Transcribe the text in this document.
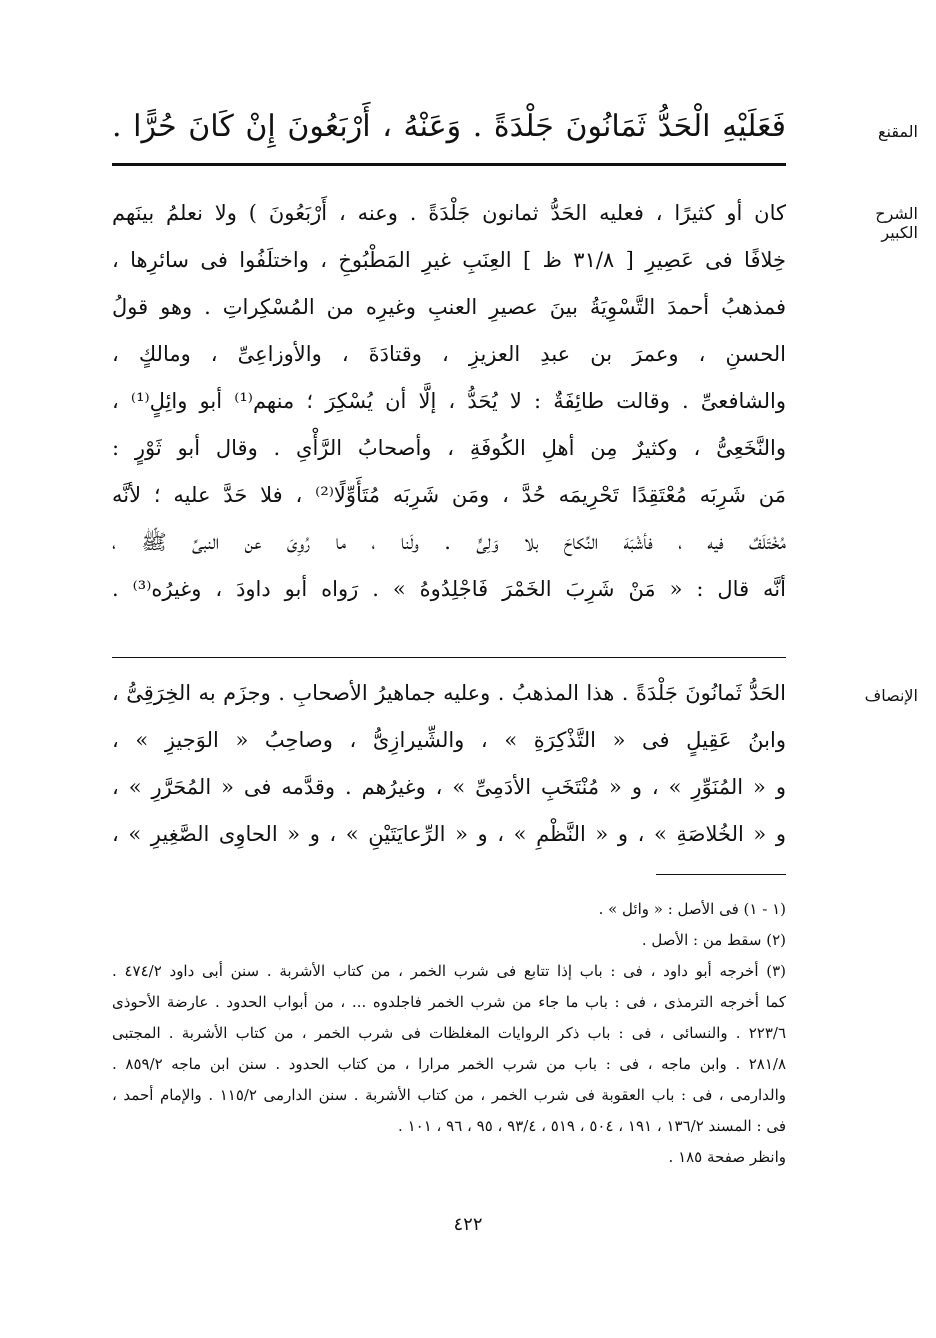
المقنع
فَعَلَيْهِ الْحَدُّ ثَمَانُونَ جَلْدَةً . وَعَنْهُ ، أَرْبَعُونَ إِنْ كَانَ حُرًّا .
الشرح الكبير
كان أو كثيرًا ، فعليه الحَدُّ ثمانون جَلْدَةً . وعنه ، أَرْبَعُونَ ) ولا نعلمُ بينَهم
خِلافًا فى عَصِيرِ [ ٣١/٨ ظ ] العِنَبِ غيرِ المَطْبُوخِ ، واختلَفُوا فى سائرِها ،
فمذهبُ أحمدَ التَّسْوِيَةُ بينَ عصيرِ العنبِ وغيرِه من المُسْكِراتِ . وهو قولُ
الحسنِ ، وعمرَ بن عبدِ العزيزِ ، وقتادَةَ ، والأوزاعِىِّ ، ومالكٍ ،
والشافعىِّ . وقالت طائِفَةٌ : لا يُحَدُّ ، إلَّا أن يُسْكِرَ ؛ منهم⁽¹⁾ أبو وائِلٍ⁽¹⁾ ،
والنَّخَعِىُّ ، وكثيرٌ مِن أهلِ الكُوفَةِ ، وأصحابُ الرَّأْىِ . وقال أبو ثَوْرٍ :
مَن شَرِبَه مُعْتَقِدًا تَحْرِيمَه حُدَّ ، ومَن شَرِبَه مُتَأَوِّلًا⁽²⁾ ، فلا حَدَّ عليه ؛ لأنَّه
مُخْتَلَفٌ فيه ، فأشْبَهَ النِّكاحَ بلا وَلِىٍّ . ولَنا ، ما رُوِىَ عن النبىِّ ﷺ ،
أنَّه قال : « مَنْ شَرِبَ الخَمْرَ فَاجْلِدُوهُ » . رَواه أبو داودَ ، وغيرُه⁽³⁾ .
الإنصاف
الحَدُّ ثَمانُونَ جَلْدَةً . هذا المذهبُ . وعليه جماهيرُ الأصحابِ . وجزَم به الخِرَقِىُّ ،
وابنُ عَقِيلٍ فى « التَّذْكِرَةِ » ، والشِّيرازِىُّ ، وصاحِبُ « الوَجيزِ » ،
و « المُنَوِّرِ » ، و « مُنْتَخَبِ الأدَمِىِّ » ، وغيرُهم . وقدَّمه فى « المُحَرَّرِ » ،
و « الخُلاصَةِ » ، و « النَّظْمِ » ، و « الرِّعايَتَيْنِ » ، و « الحاوِى الصَّغِيرِ » ،
(١ - ١) فى الأصل : « وائل » .
(٢) سقط من : الأصل .
(٣) أخرجه أبو داود ، فى : باب إذا تتابع فى شرب الخمر ، من كتاب الأشربة . سنن أبى داود ٤٧٤/٢ .
كما أخرجه الترمذى ، فى : باب ما جاء من شرب الخمر فاجلدوه ... ، من أبواب الحدود . عارضة الأحوذى
٢٢٣/٦ . والنسائى ، فى : باب ذكر الروايات المغلظات فى شرب الخمر ، من كتاب الأشربة . المجتبى
٢٨١/٨ . وابن ماجه ، فى : باب من شرب الخمر مرارا ، من كتاب الحدود . سنن ابن ماجه ٨٥٩/٢ .
والدارمى ، فى : باب العقوبة فى شرب الخمر ، من كتاب الأشربة . سنن الدارمى ١١٥/٢ . والإمام أحمد ،
فى : المسند ١٣٦/٢ ، ١٩١ ، ٥٠٤ ، ٥١٩ ، ٩٣/٤ ، ٩٥ ، ٩٦ ، ١٠١ .
وانظر صفحة ١٨٥ .
٤٢٢
